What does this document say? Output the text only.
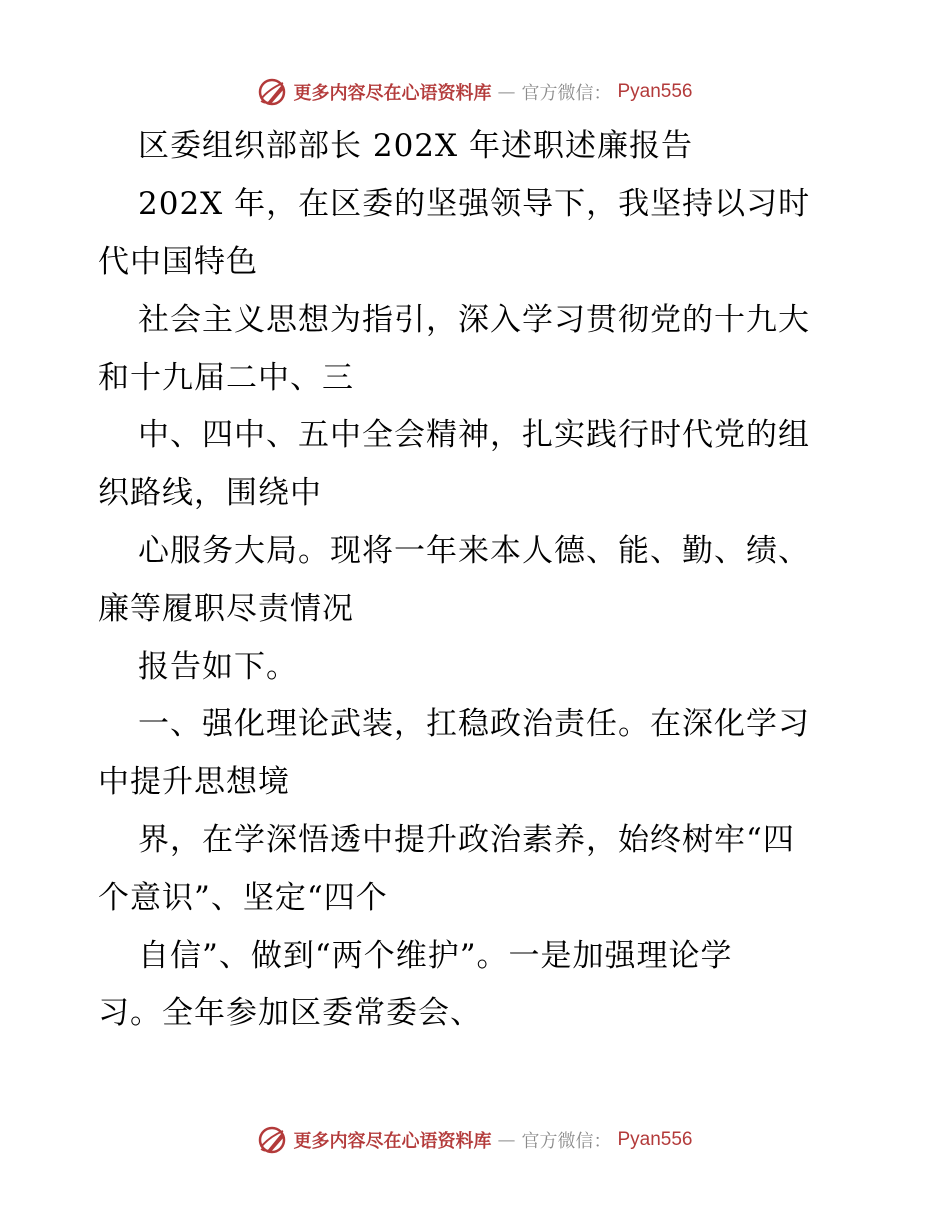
更多内容尽在心语资料库 — 官方微信： Pyan556
区委组织部部长 202X 年述职述廉报告
202X 年，在区委的坚强领导下，我坚持以习时
代中国特色
社会主义思想为指引，深入学习贯彻党的十九大
和十九届二中、三
中、四中、五中全会精神，扎实践行时代党的组
织路线，围绕中
心服务大局。现将一年来本人德、能、勤、绩、
廉等履职尽责情况
报告如下。
一、强化理论武装，扛稳政治责任。在深化学习
中提升思想境
界，在学深悟透中提升政治素养，始终树牢“四
个意识”、坚定“四个
自信”、做到“两个维护”。一是加强理论学
习。全年参加区委常委会、
更多内容尽在心语资料库 — 官方微信： Pyan556
